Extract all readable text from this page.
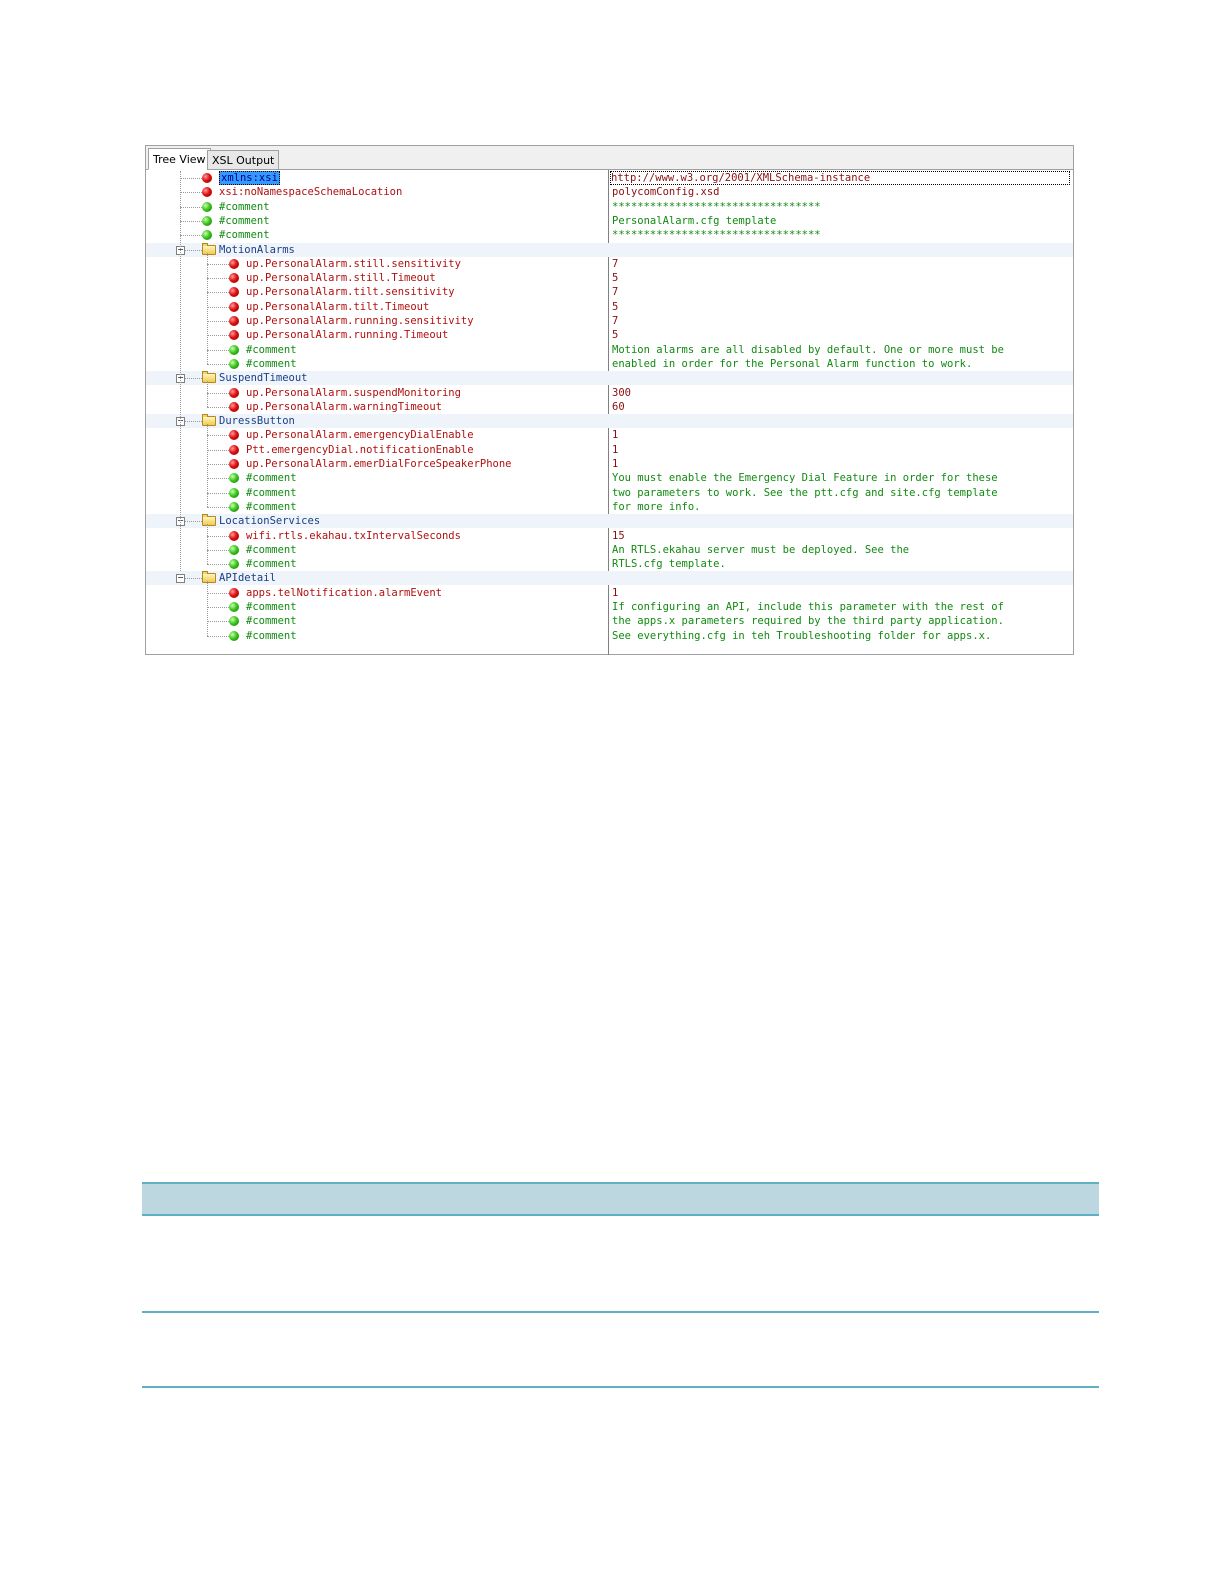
Tree View XSL Output
xmlns:xsi	http://www.w3.org/2001/XMLSchema-instance
xsi:noNamespaceSchemaLocation	polycomConfig.xsd
#comment	*********************************
#comment	PersonalAlarm.cfg template
#comment	*********************************
−	MotionAlarms
up.PersonalAlarm.still.sensitivity	7
up.PersonalAlarm.still.Timeout	5
up.PersonalAlarm.tilt.sensitivity	7
up.PersonalAlarm.tilt.Timeout	5
up.PersonalAlarm.running.sensitivity	7
up.PersonalAlarm.running.Timeout	5
#comment	Motion alarms are all disabled by default. One or more must be
#comment	enabled in order for the Personal Alarm function to work.
−	SuspendTimeout
up.PersonalAlarm.suspendMonitoring	300
up.PersonalAlarm.warningTimeout	60
−	DuressButton
up.PersonalAlarm.emergencyDialEnable	1
Ptt.emergencyDial.notificationEnable	1
up.PersonalAlarm.emerDialForceSpeakerPhone	1
#comment	You must enable the Emergency Dial Feature in order for these
#comment	two parameters to work. See the ptt.cfg and site.cfg template
#comment	for more info.
−	LocationServices
wifi.rtls.ekahau.txIntervalSeconds	15
#comment	An RTLS.ekahau server must be deployed. See the
#comment	RTLS.cfg template.
−	APIdetail
apps.telNotification.alarmEvent	1
#comment	If configuring an API, include this parameter with the rest of
#comment	the apps.x parameters required by the third party application.
#comment	See everything.cfg in teh Troubleshooting folder for apps.x.
